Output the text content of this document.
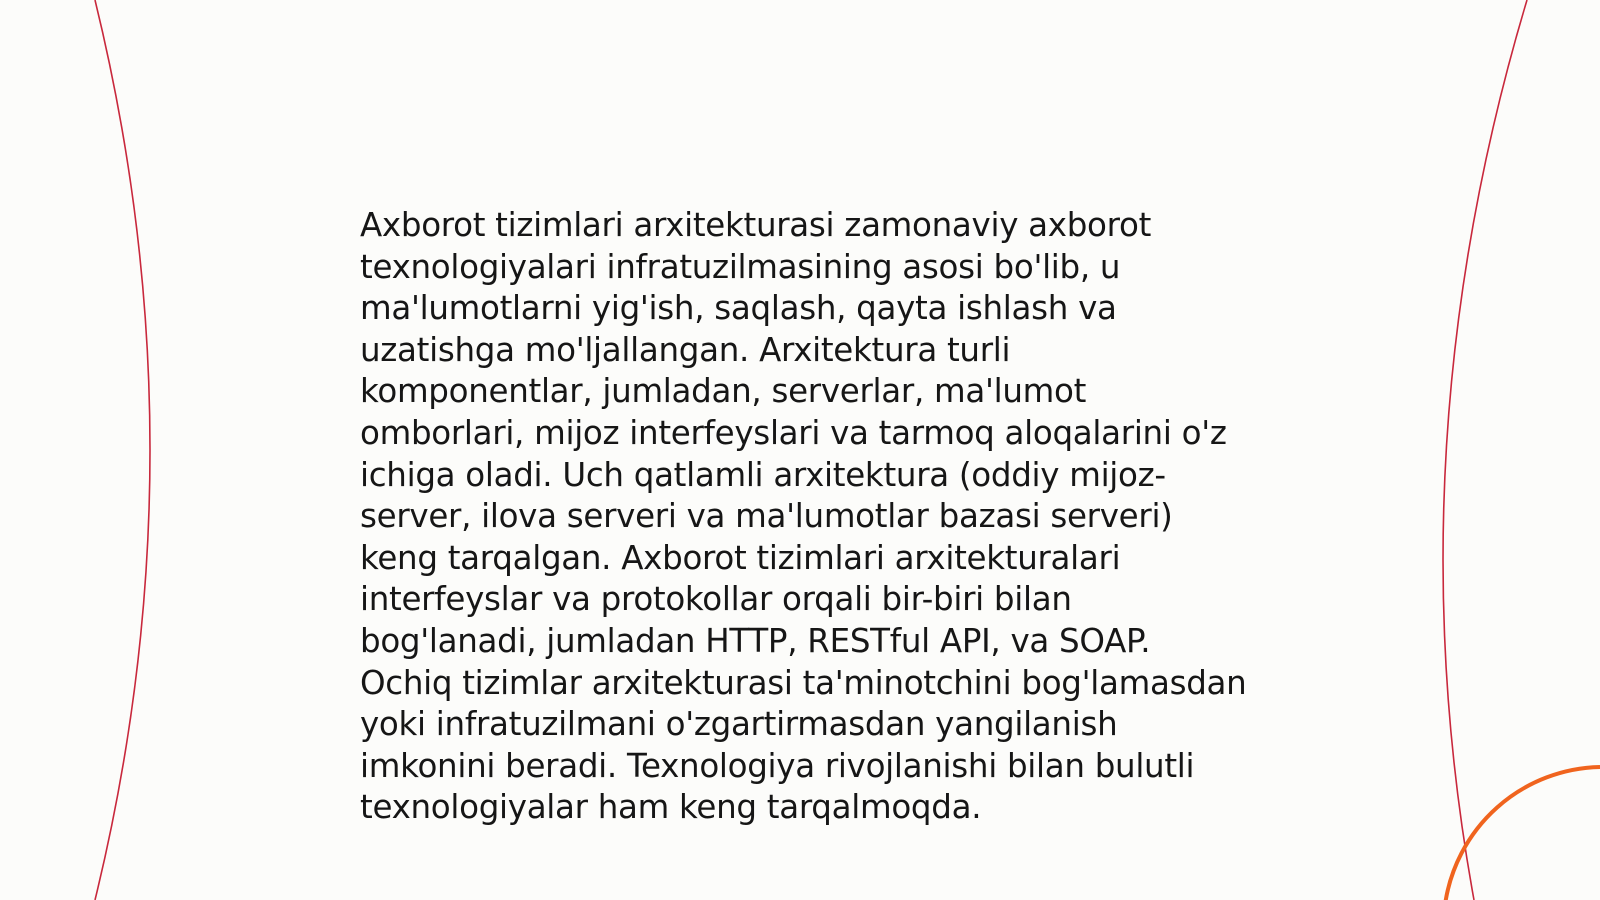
Axborot tizimlari arxitekturasi zamonaviy axborot texnologiyalari infratuzilmasining asosi bo'lib, u ma'lumotlarni yig'ish, saqlash, qayta ishlash va uzatishga mo'ljallangan. Arxitektura turli komponentlar, jumladan, serverlar, ma'lumot omborlari, mijoz interfeyslari va tarmoq aloqalarini o'z ichiga oladi. Uch qatlamli arxitektura (oddiy mijoz-server, ilova serveri va ma'lumotlar bazasi serveri) keng tarqalgan. Axborot tizimlari arxitekturalari interfeyslar va protokollar orqali bir-biri bilan bog'lanadi, jumladan HTTP, RESTful API, va SOAP. Ochiq tizimlar arxitekturasi ta'minotchini bog'lamasdan yoki infratuzilmani o'zgartirmasdan yangilanish imkonini beradi. Texnologiya rivojlanishi bilan bulutli texnologiyalar ham keng tarqalmoqda.
